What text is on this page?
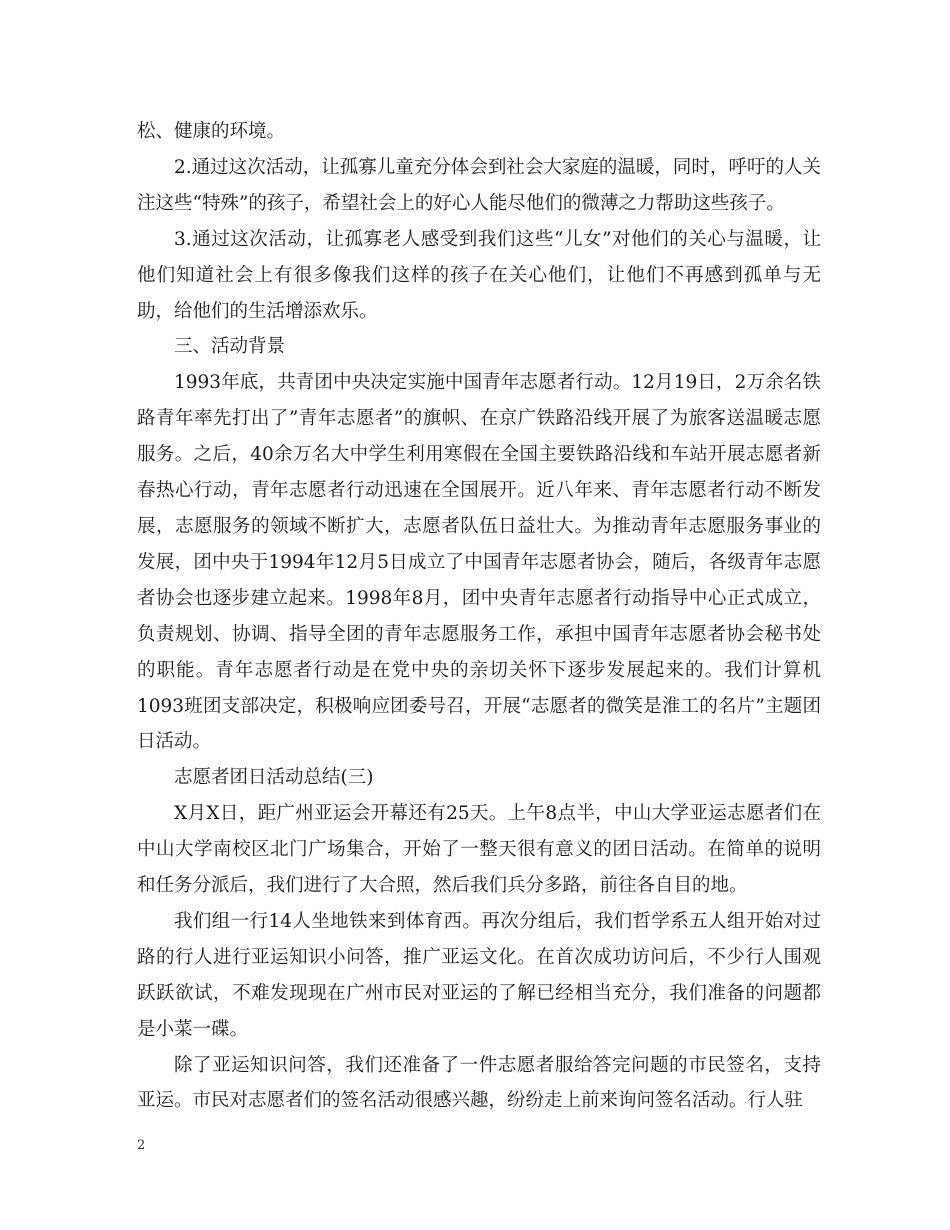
松、健康的环境。

2.通过这次活动，让孤寡儿童充分体会到社会大家庭的温暖，同时，呼吁的人关注这些“特殊”的孩子，希望社会上的好心人能尽他们的微薄之力帮助这些孩子。

3.通过这次活动，让孤寡老人感受到我们这些“儿女”对他们的关心与温暖，让他们知道社会上有很多像我们这样的孩子在关心他们，让他们不再感到孤单与无助，给他们的生活增添欢乐。

三、活动背景

1993年底，共青团中央决定实施中国青年志愿者行动。12月19日，2万余名铁路青年率先打出了”青年志愿者”的旗帜、在京广铁路沿线开展了为旅客送温暖志愿服务。之后，40余万名大中学生利用寒假在全国主要铁路沿线和车站开展志愿者新春热心行动，青年志愿者行动迅速在全国展开。近八年来、青年志愿者行动不断发展，志愿服务的领域不断扩大，志愿者队伍日益壮大。为推动青年志愿服务事业的发展，团中央于1994年12月5日成立了中国青年志愿者协会，随后，各级青年志愿者协会也逐步建立起来。1998年8月，团中央青年志愿者行动指导中心正式成立，负责规划、协调、指导全团的青年志愿服务工作，承担中国青年志愿者协会秘书处的职能。青年志愿者行动是在党中央的亲切关怀下逐步发展起来的。我们计算机1093班团支部决定，积极响应团委号召，开展“志愿者的微笑是淮工的名片”主题团日活动。

志愿者团日活动总结(三)

X月X日，距广州亚运会开幕还有25天。上午8点半，中山大学亚运志愿者们在中山大学南校区北门广场集合，开始了一整天很有意义的团日活动。在简单的说明和任务分派后，我们进行了大合照，然后我们兵分多路，前往各自目的地。

我们组一行14人坐地铁来到体育西。再次分组后，我们哲学系五人组开始对过路的行人进行亚运知识小问答，推广亚运文化。在首次成功访问后，不少行人围观跃跃欲试，不难发现现在广州市民对亚运的了解已经相当充分，我们准备的问题都是小菜一碟。

除了亚运知识问答，我们还准备了一件志愿者服给答完问题的市民签名，支持亚运。市民对志愿者们的签名活动很感兴趣，纷纷走上前来询问签名活动。行人驻

2
